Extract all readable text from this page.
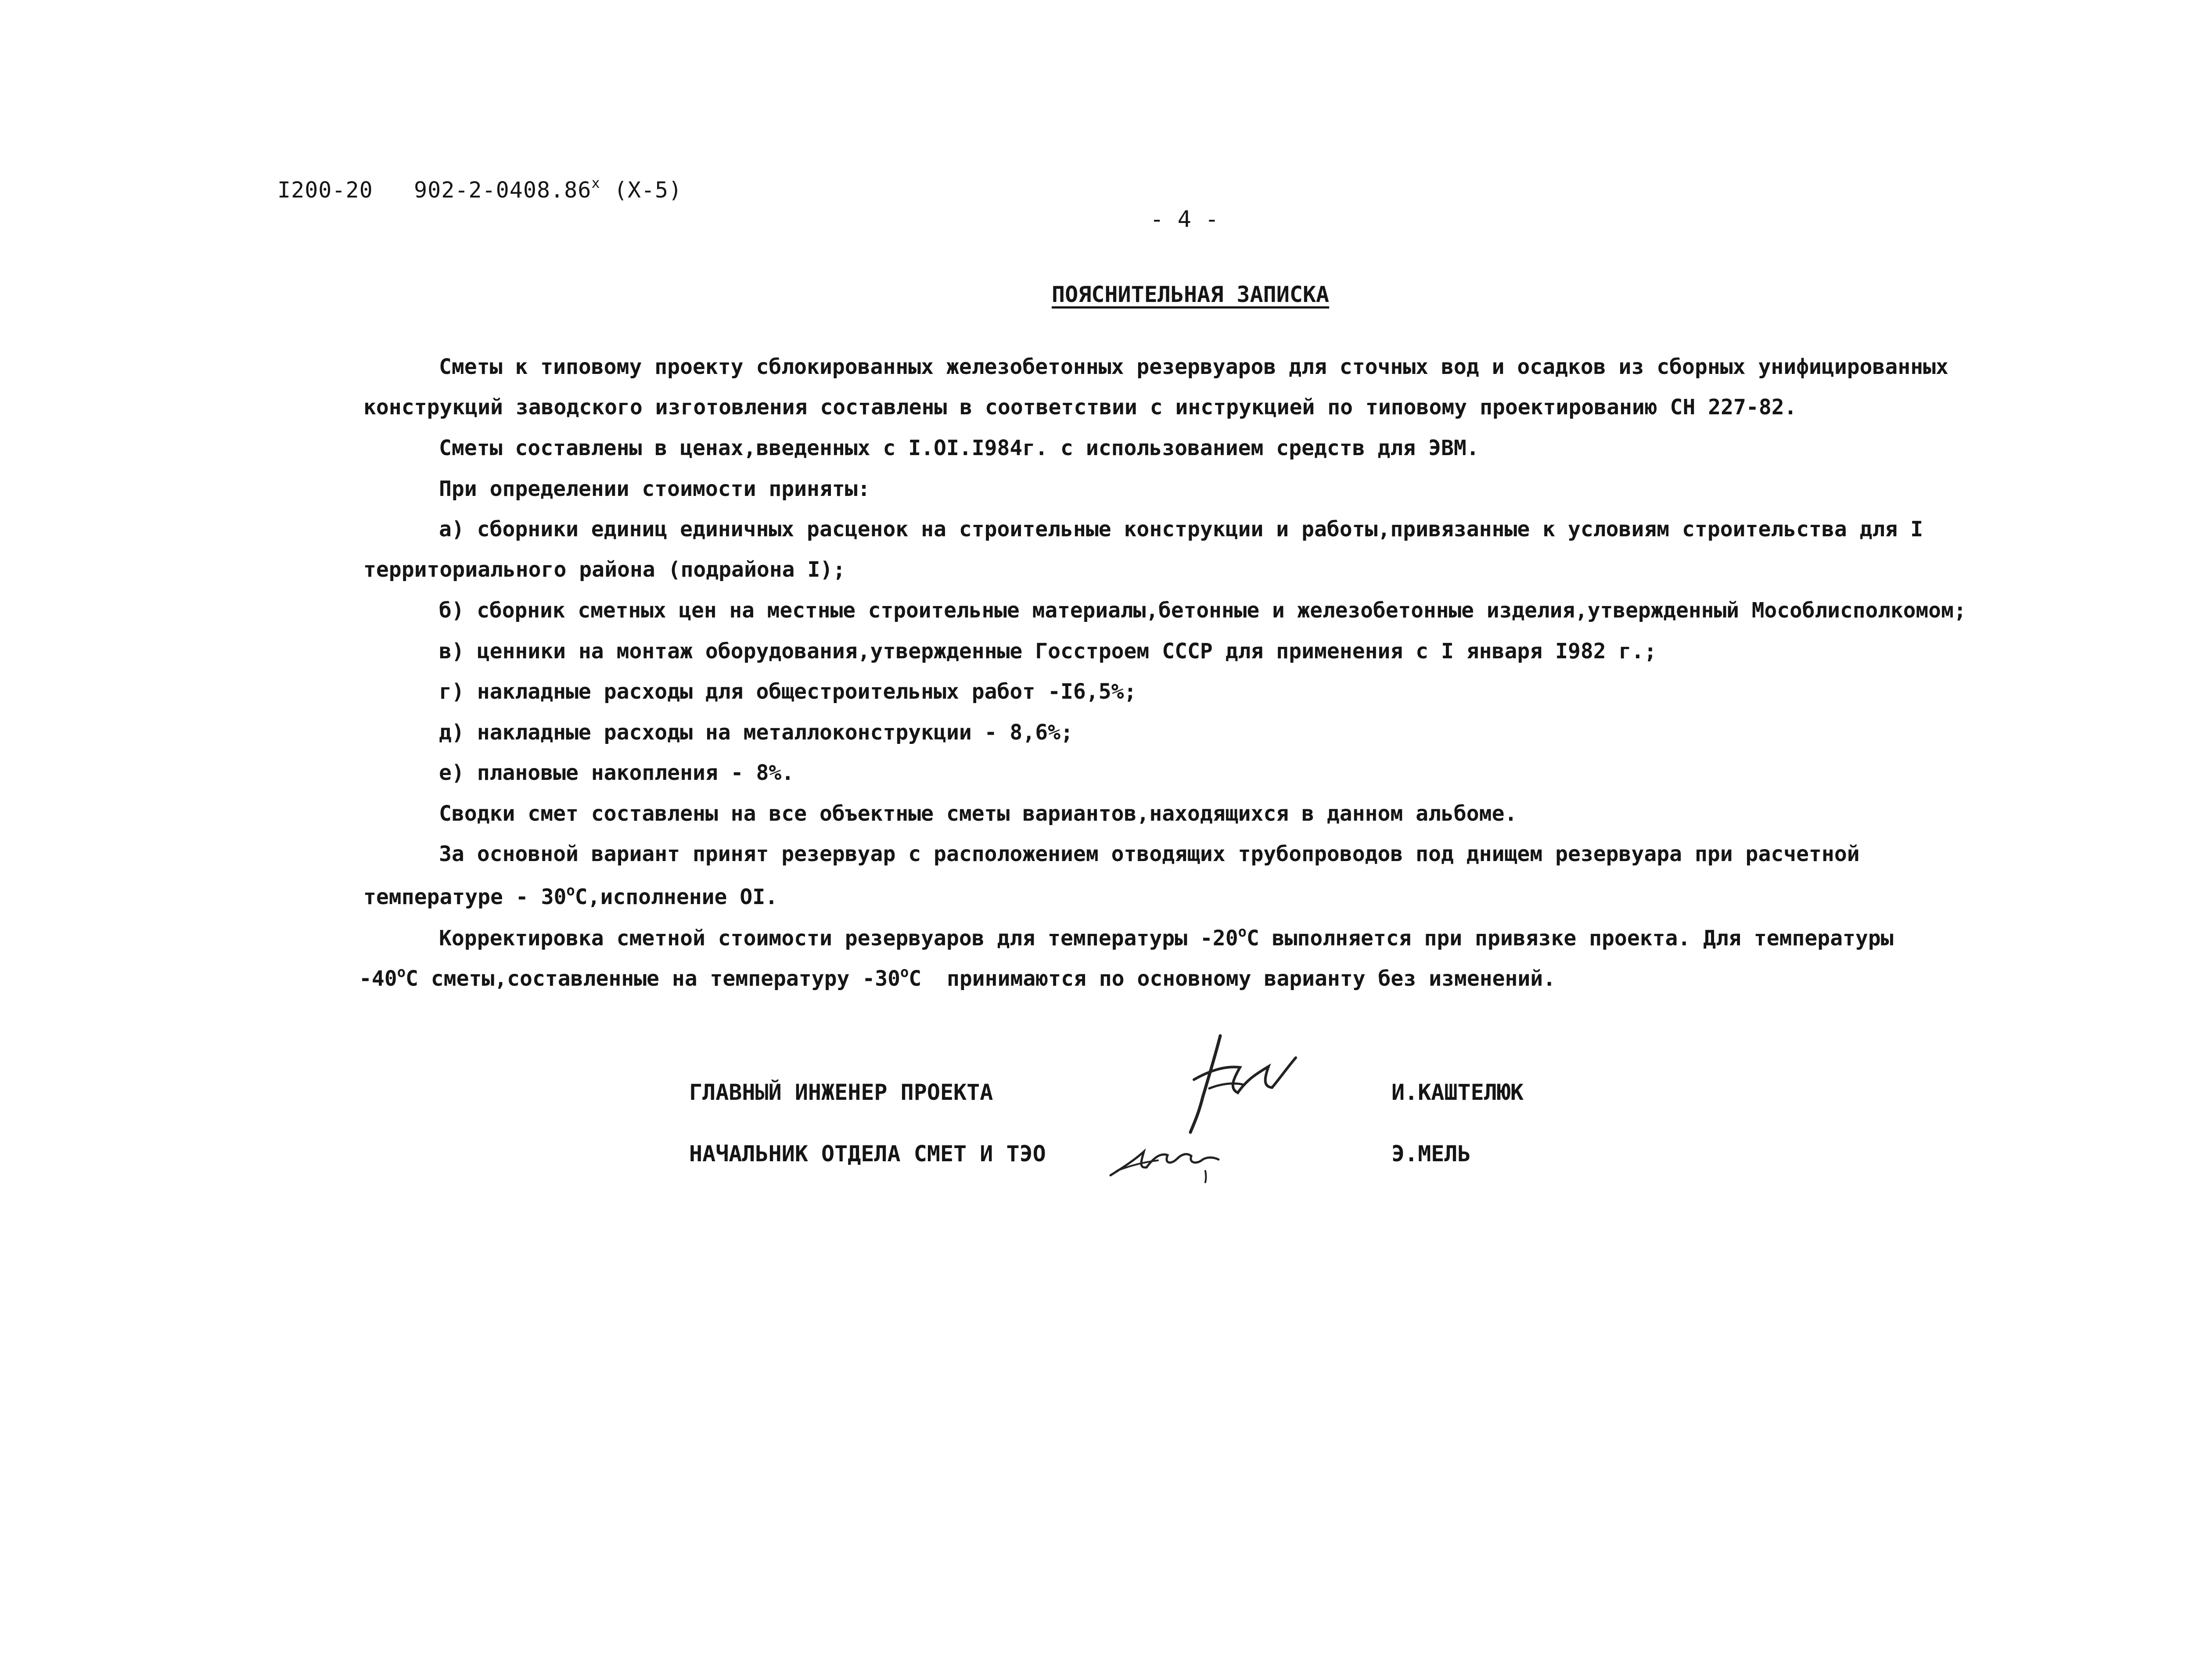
I200-20   902-2-0408.86$^x$ (X-5)
- 4 -
ПОЯСНИТЕЛЬНАЯ ЗАПИСКА
Сметы к типовому проекту сблокированных железобетонных резервуаров для сточных вод и осадков из сборных унифицированных
конструкций заводского изготовления составлены в соответствии с инструкцией по типовому проектированию СН 227-82.
Сметы составлены в ценах,введенных с I.OI.I984г. с использованием средств для ЭВМ.
При определении стоимости приняты:
а) сборники единиц единичных расценок на строительные конструкции и работы,привязанные к условиям строительства для I
территориального района (подрайона I);
б) сборник сметных цен на местные строительные материалы,бетонные и железобетонные изделия,утвержденный Мособлисполкомом;
в) ценники на монтаж оборудования,утвержденные Госстроем СССР для применения с I января I982 г.;
г) накладные расходы для общестроительных работ -I6,5%;
д) накладные расходы на металлоконструкции - 8,6%;
е) плановые накопления - 8%.
Сводки смет составлены на все объектные сметы вариантов,находящихся в данном альбоме.
За основной вариант принят резервуар с расположением отводящих трубопроводов под днищем резервуара при расчетной
температуре - $30^оС,исполнение$ OI.
Корректировка сметной стоимости резервуаров для температуры $-20^оС$ выполняется при привязке проекта. Для температуры
$-40^оС$ сметы,составленные на температуру $-30^оС$  принимаются по основному варианту без изменений.
ГЛАВНЫЙ ИНЖЕНЕР ПРОЕКТА	И.КАШТЕЛЮК
НАЧАЛЬНИК ОТДЕЛА СМЕТ И ТЭО	Э.МЕЛЬ
